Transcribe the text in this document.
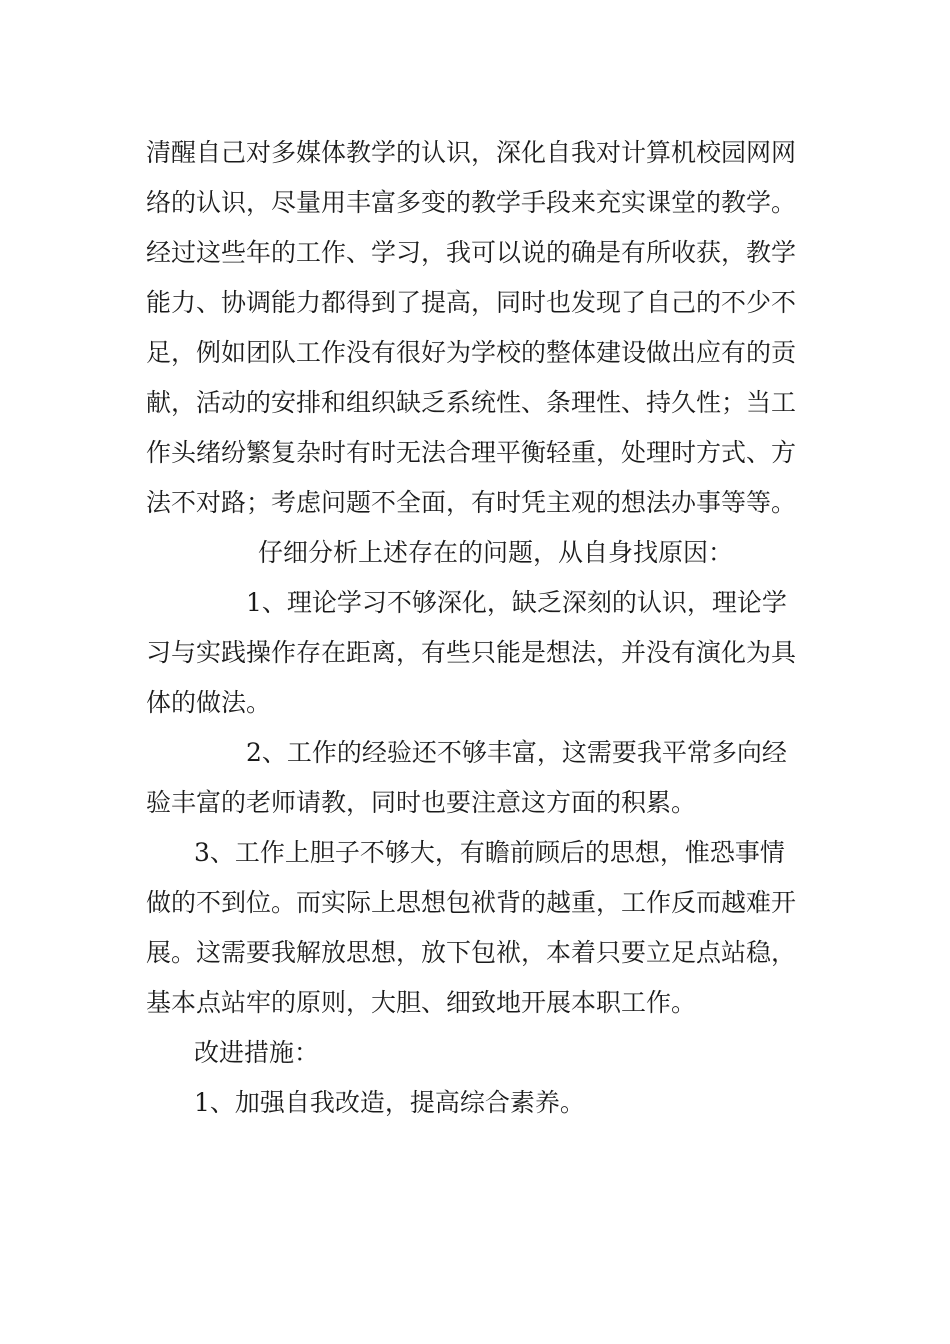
清醒自己对多媒体教学的认识，深化自我对计算机校园网网络的认识，尽量用丰富多变的教学手段来充实课堂的教学。经过这些年的工作、学习，我可以说的确是有所收获，教学能力、协调能力都得到了提高，同时也发现了自己的不少不足，例如团队工作没有很好为学校的整体建设做出应有的贡献，活动的安排和组织缺乏系统性、条理性、持久性；当工作头绪纷繁复杂时有时无法合理平衡轻重，处理时方式、方法不对路；考虑问题不全面，有时凭主观的想法办事等等。

仔细分析上述存在的问题，从自身找原因：

1、理论学习不够深化，缺乏深刻的认识，理论学习与实践操作存在距离，有些只能是想法，并没有演化为具体的做法。

2、工作的经验还不够丰富，这需要我平常多向经验丰富的老师请教，同时也要注意这方面的积累。

3、工作上胆子不够大，有瞻前顾后的思想，惟恐事情做的不到位。而实际上思想包袱背的越重，工作反而越难开展。这需要我解放思想，放下包袱，本着只要立足点站稳，基本点站牢的原则，大胆、细致地开展本职工作。

改进措施：

1、加强自我改造，提高综合素养。
